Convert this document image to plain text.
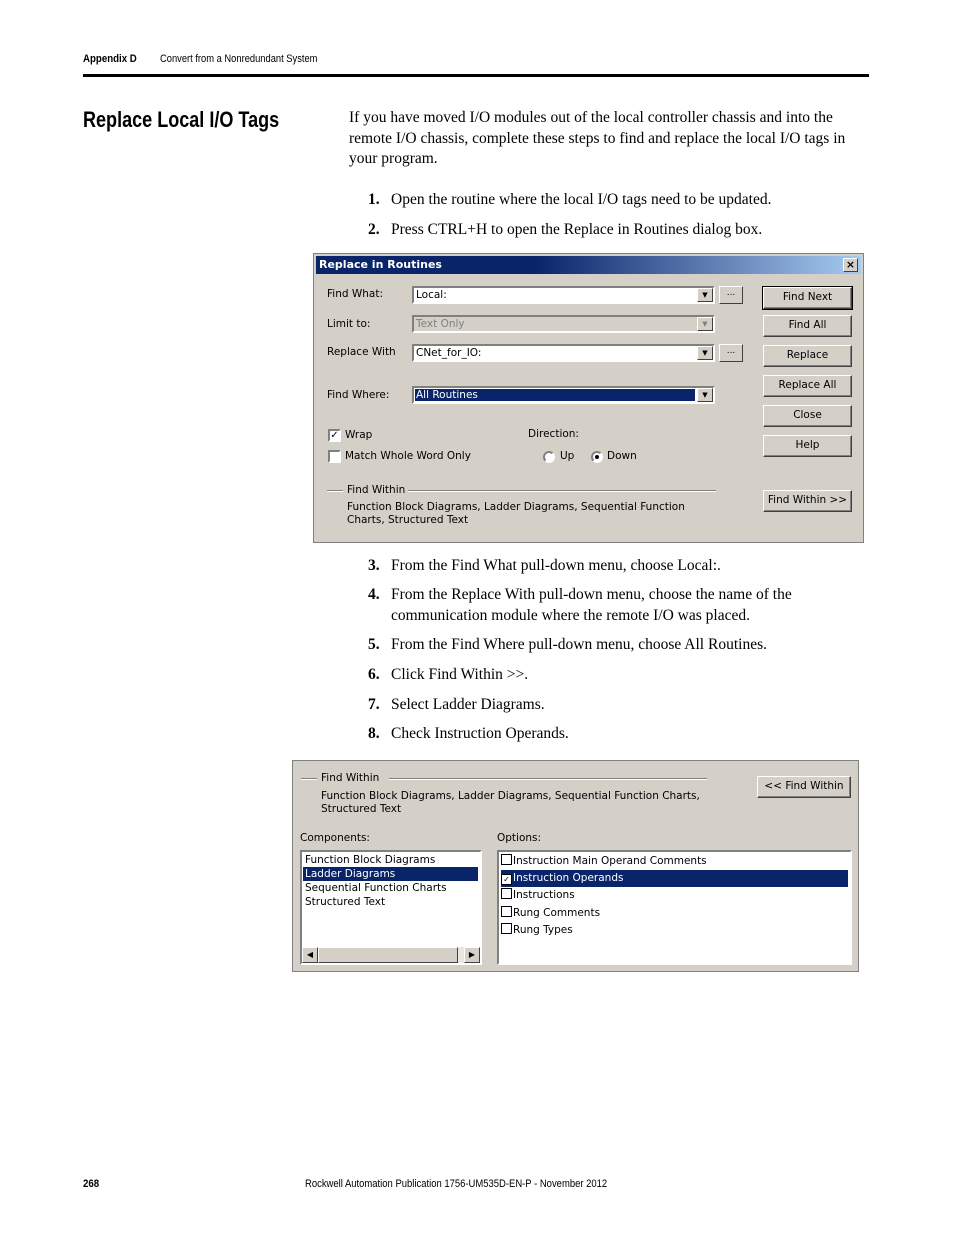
Appendix D Convert from a Nonredundant System
Replace Local I/O Tags	If you have moved I/O modules out of the local controller chassis and into the remote I/O chassis, complete these steps to find and replace the local I/O tags in your program.
1. Open the routine where the local I/O tags need to be updated.
2. Press CTRL+H to open the Replace in Routines dialog box.
Replace in Routines	×
Find What:	Local:	▼	...
Limit to:	Text Only	▼
Replace With CNet_for_IO:	▼	...
Find Where:	All Routines	▼
✓ Wrap
Match Whole Word Only
Direction:
Up	Down
Find Within
Function Block Diagrams, Ladder Diagrams, Sequential Function Charts, Structured Text
Find Next
Find All
Replace
Replace All
Close
Help
Find Within >>
3. From the Find What pull-down menu, choose Local:.
4. From the Replace With pull-down menu, choose the name of the communication module where the remote I/O was placed.
5. From the Find Where pull-down menu, choose All Routines.
6. Click Find Within >>.
7. Select Ladder Diagrams.
8. Check Instruction Operands.
Find Within
Function Block Diagrams, Ladder Diagrams, Sequential Function Charts, Structured Text
<< Find Within
Components:
Function Block Diagrams
Ladder Diagrams
Sequential Function Charts
Structured Text
◀	▶
Options:
Instruction Main Operand Comments
✓ Instruction Operands
Instructions
Rung Comments
Rung Types
268	Rockwell Automation Publication 1756-UM535D-EN-P - November 2012
